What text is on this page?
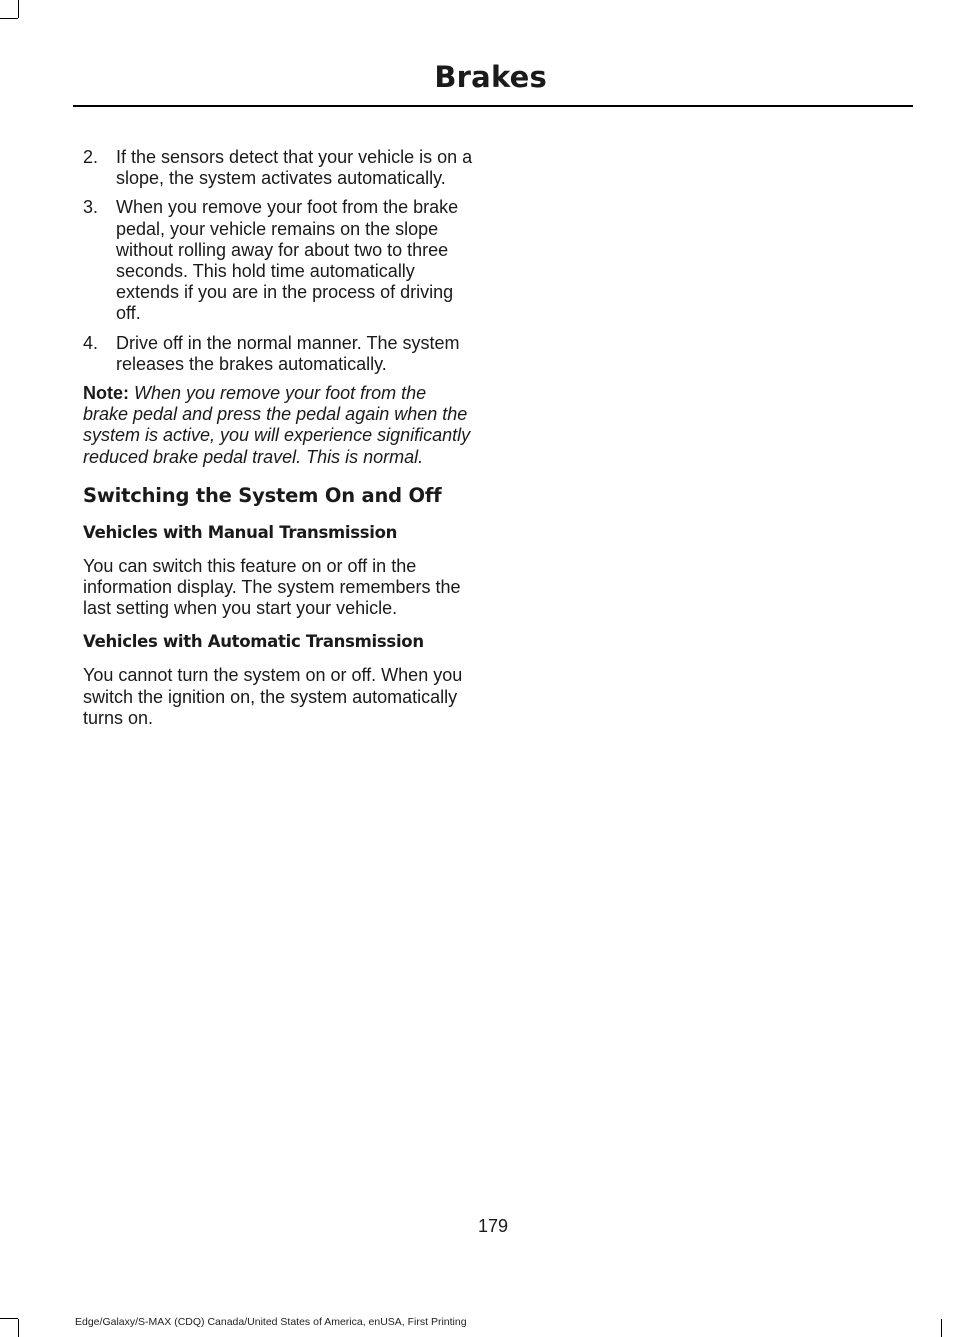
Brakes
2. If the sensors detect that your vehicle is on a slope, the system activates automatically.
3. When you remove your foot from the brake pedal, your vehicle remains on the slope without rolling away for about two to three seconds. This hold time automatically extends if you are in the process of driving off.
4. Drive off in the normal manner. The system releases the brakes automatically.
Note: When you remove your foot from the brake pedal and press the pedal again when the system is active, you will experience significantly reduced brake pedal travel. This is normal.
Switching the System On and Off
Vehicles with Manual Transmission

You can switch this feature on or off in the information display. The system remembers the last setting when you start your vehicle.

Vehicles with Automatic Transmission

You cannot turn the system on or off. When you switch the ignition on, the system automatically turns on.

179
Edge/Galaxy/S-MAX (CDQ) Canada/United States of America, enUSA, First Printing
